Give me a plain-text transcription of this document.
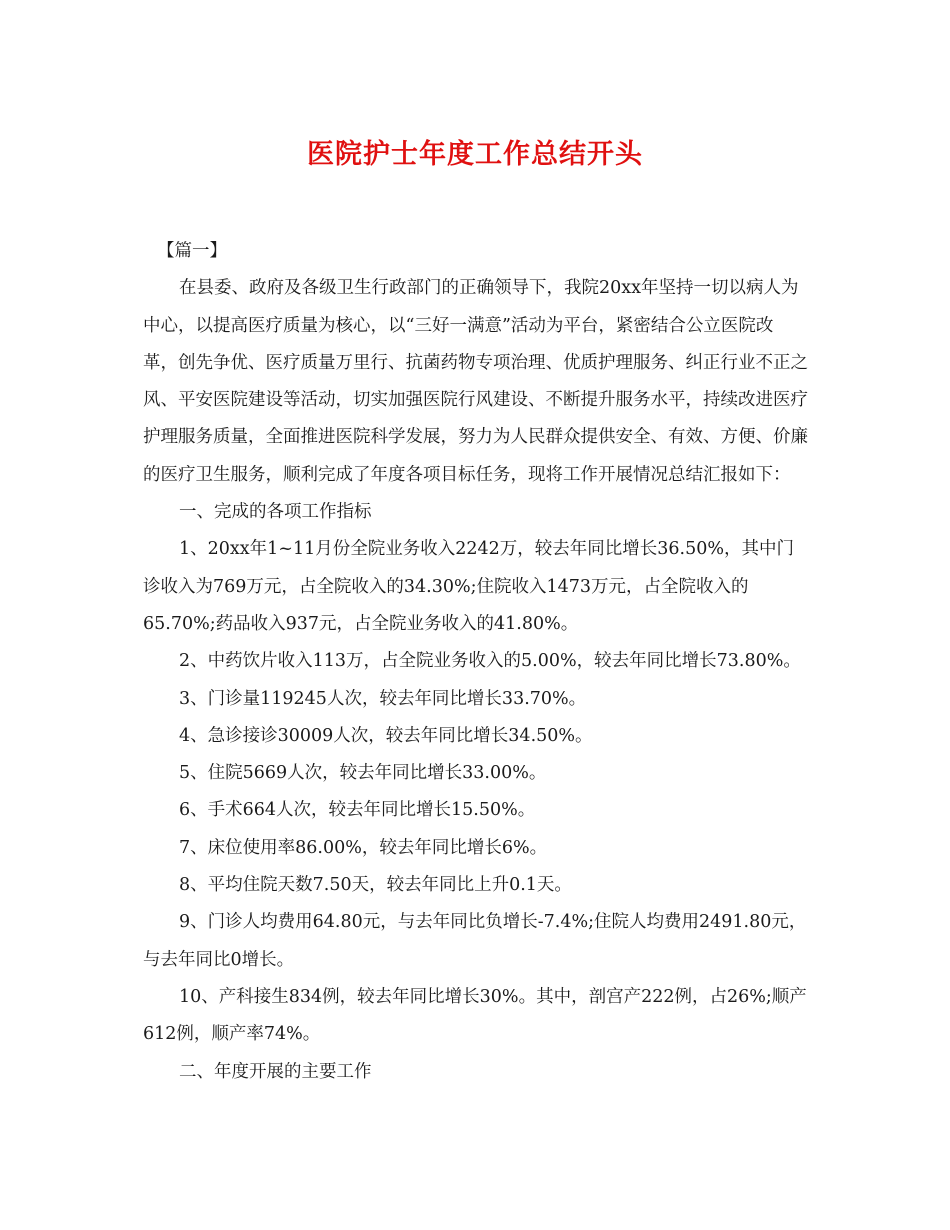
医院护士年度工作总结开头

【篇一】

在县委、政府及各级卫生行政部门的正确领导下，我院20xx年坚持一切以病人为中心，以提高医疗质量为核心，以“三好一满意”活动为平台，紧密结合公立医院改革，创先争优、医疗质量万里行、抗菌药物专项治理、优质护理服务、纠正行业不正之风、平安医院建设等活动，切实加强医院行风建设、不断提升服务水平，持续改进医疗护理服务质量，全面推进医院科学发展，努力为人民群众提供安全、有效、方便、价廉的医疗卫生服务，顺利完成了年度各项目标任务，现将工作开展情况总结汇报如下：

一、完成的各项工作指标

1、20xx年1~11月份全院业务收入2242万，较去年同比增长36.50%，其中门诊收入为769万元，占全院收入的34.30%;住院收入1473万元，占全院收入的65.70%;药品收入937元，占全院业务收入的41.80%。

2、中药饮片收入113万，占全院业务收入的5.00%，较去年同比增长73.80%。

3、门诊量119245人次，较去年同比增长33.70%。

4、急诊接诊30009人次，较去年同比增长34.50%。

5、住院5669人次，较去年同比增长33.00%。

6、手术664人次，较去年同比增长15.50%。

7、床位使用率86.00%，较去年同比增长6%。

8、平均住院天数7.50天，较去年同比上升0.1天。

9、门诊人均费用64.80元，与去年同比负增长-7.4%;住院人均费用2491.80元，与去年同比0增长。

10、产科接生834例，较去年同比增长30%。其中，剖宫产222例，占26%;顺产612例，顺产率74%。

二、年度开展的主要工作
